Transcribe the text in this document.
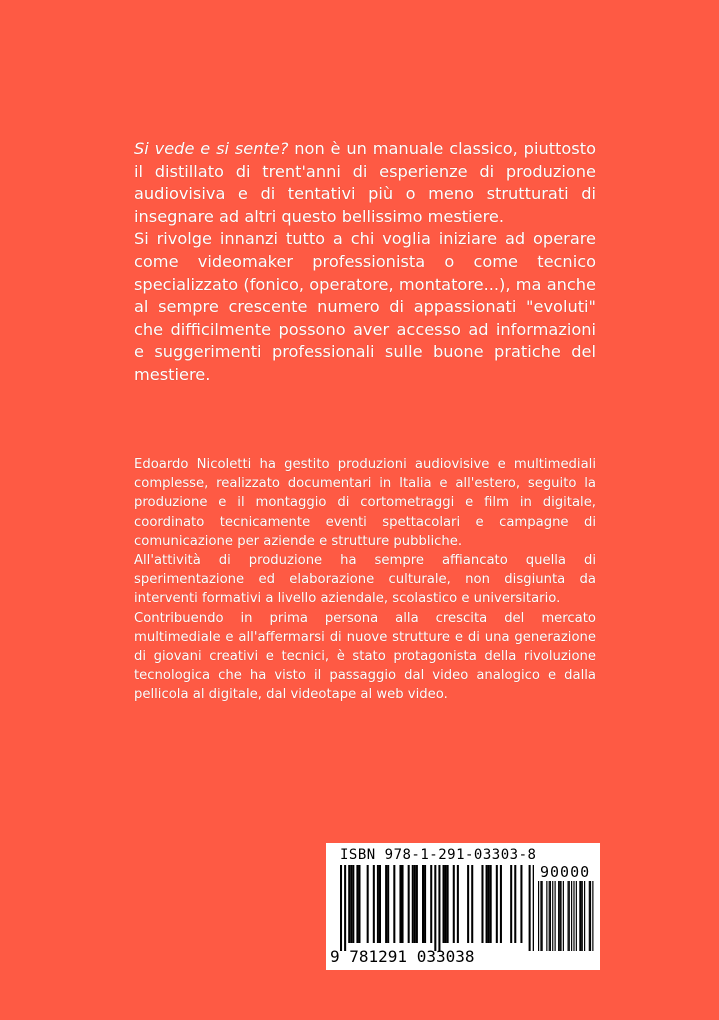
Si vede e si sente? non è un manuale classico, piuttosto il distillato di trent'anni di esperienze di produzione audiovisiva e di tentativi più o meno strutturati di insegnare ad altri questo bellissimo mestiere.

Si rivolge innanzi tutto a chi voglia iniziare ad operare come videomaker professionista o come tecnico specializzato (fonico, operatore, montatore...), ma anche al sempre crescente numero di appassionati "evoluti" che difficilmente possono aver accesso ad informazioni e suggerimenti professionali sulle buone pratiche del mestiere.

Edoardo Nicoletti ha gestito produzioni audiovisive e multimediali complesse, realizzato documentari in Italia e all'estero, seguito la produzione e il montaggio di cortometraggi e film in digitale, coordinato tecnicamente eventi spettacolari e campagne di comunicazione per aziende e strutture pubbliche.

All'attività di produzione ha sempre affiancato quella di sperimentazione ed elaborazione culturale, non disgiunta da interventi formativi a livello aziendale, scolastico e universitario.

Contribuendo in prima persona alla crescita del mercato multimediale e all'affermarsi di nuove strutture e di una generazione di giovani creativi e tecnici, è stato protagonista della rivoluzione tecnologica che ha visto il passaggio dal video analogico e dalla pellicola al digitale, dal videotape al web video.

ISBN 978-1-291-03303-8
90000
9 781291 033038
